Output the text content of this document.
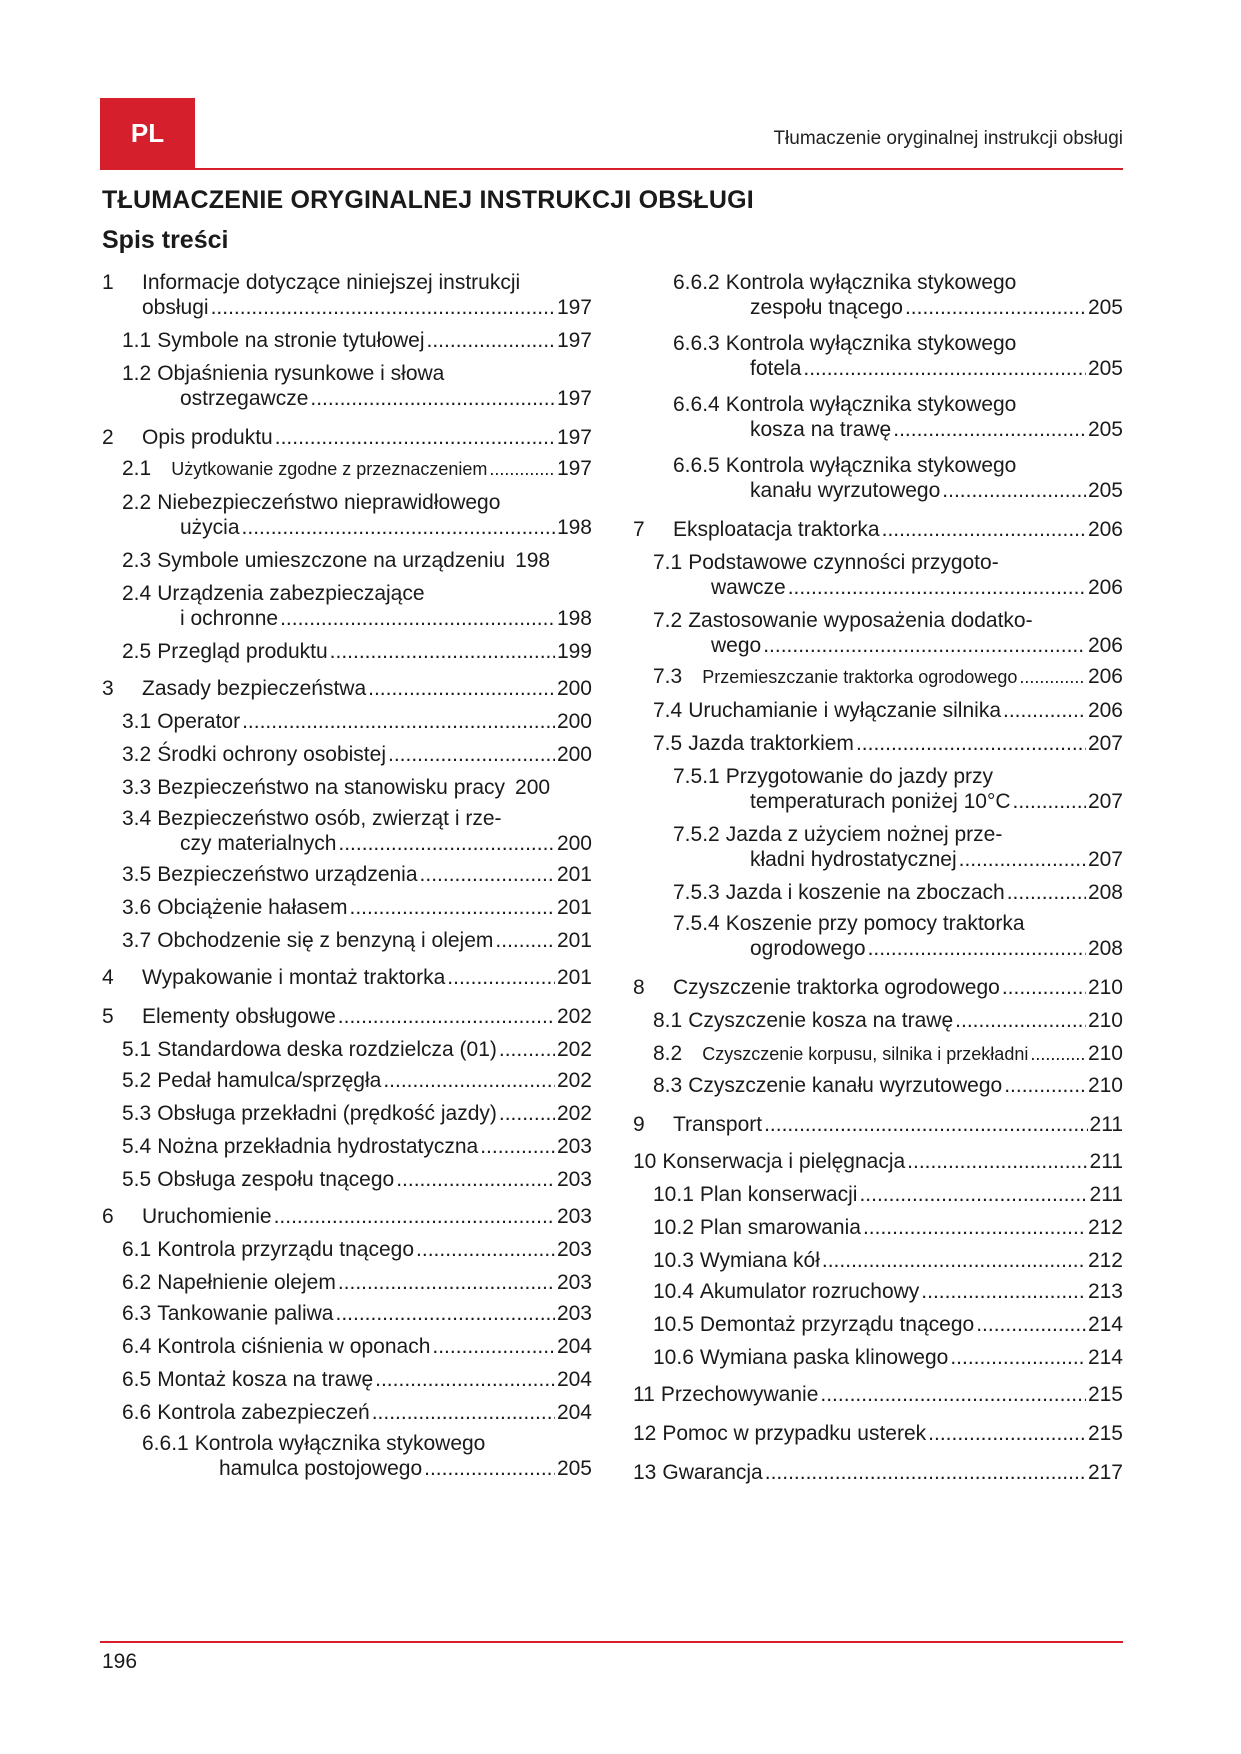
PL	Tłumaczenie oryginalnej instrukcji obsługi
TŁUMACZENIE ORYGINALNEJ INSTRUKCJI OBSŁUGI
Spis treści
1	Informacje dotyczące niniejszej instrukcji
obsługi .....	197
1.1 Symbole na stronie tytułowej .....	197
1.2 Objaśnienia rysunkowe i słowa
ostrzegawcze .....	197
2	Opis produktu .....	197
2.1 Użytkowanie zgodne z przeznaczeniem .....	197
2.2 Niebezpieczeństwo nieprawidłowego
użycia .....	198
2.3 Symbole umieszczone na urządzeniu 198
2.4 Urządzenia zabezpieczające
i ochronne .....	198
2.5 Przegląd produktu .....	199
3	Zasady bezpieczeństwa .....	200
3.1 Operator .....	200
3.2 Środki ochrony osobistej .....	200
3.3 Bezpieczeństwo na stanowisku pracy 200
3.4 Bezpieczeństwo osób, zwierząt i rze-
czy materialnych .....	200
3.5 Bezpieczeństwo urządzenia .....	201
3.6 Obciążenie hałasem .....	201
3.7 Obchodzenie się z benzyną i olejem .....	201
4	Wypakowanie i montaż traktorka .....	201
5	Elementy obsługowe .....	202
5.1 Standardowa deska rozdzielcza (01) .....	202
5.2 Pedał hamulca/sprzęgła .....	202
5.3 Obsługa przekładni (prędkość jazdy) .....	202
5.4 Nożna przekładnia hydrostatyczna .....	203
5.5 Obsługa zespołu tnącego .....	203
6	Uruchomienie .....	203
6.1 Kontrola przyrządu tnącego .....	203
6.2 Napełnienie olejem .....	203
6.3 Tankowanie paliwa .....	203
6.4 Kontrola ciśnienia w oponach .....	204
6.5 Montaż kosza na trawę .....	204
6.6 Kontrola zabezpieczeń .....	204
6.6.1 Kontrola wyłącznika stykowego
hamulca postojowego .....	205
6.6.2 Kontrola wyłącznika stykowego
zespołu tnącego .....	205
6.6.3 Kontrola wyłącznika stykowego
fotela .....	205
6.6.4 Kontrola wyłącznika stykowego
kosza na trawę .....	205
6.6.5 Kontrola wyłącznika stykowego
kanału wyrzutowego .....	205
7	Eksploatacja traktorka .....	206
7.1 Podstawowe czynności przygoto-
wawcze .....	206
7.2 Zastosowanie wyposażenia dodatko-
wego .....	206
7.3 Przemieszczanie traktorka ogrodowego .....	206
7.4 Uruchamianie i wyłączanie silnika .....	206
7.5 Jazda traktorkiem .....	207
7.5.1 Przygotowanie do jazdy przy
temperaturach poniżej 10°C .....	207
7.5.2 Jazda z użyciem nożnej prze-
kładni hydrostatycznej .....	207
7.5.3 Jazda i koszenie na zboczach .....	208
7.5.4 Koszenie przy pomocy traktorka
ogrodowego .....	208
8	Czyszczenie traktorka ogrodowego .....	210
8.1 Czyszczenie kosza na trawę .....	210
8.2 Czyszczenie korpusu, silnika i przekładni .....	210
8.3 Czyszczenie kanału wyrzutowego .....	210
9	Transport .....	211
10 Konserwacja i pielęgnacja .....	211
10.1 Plan konserwacji .....	211
10.2 Plan smarowania .....	212
10.3 Wymiana kół .....	212
10.4 Akumulator rozruchowy .....	213
10.5 Demontaż przyrządu tnącego .....	214
10.6 Wymiana paska klinowego .....	214
11 Przechowywanie .....	215
12 Pomoc w przypadku usterek .....	215
13 Gwarancja .....	217
196
